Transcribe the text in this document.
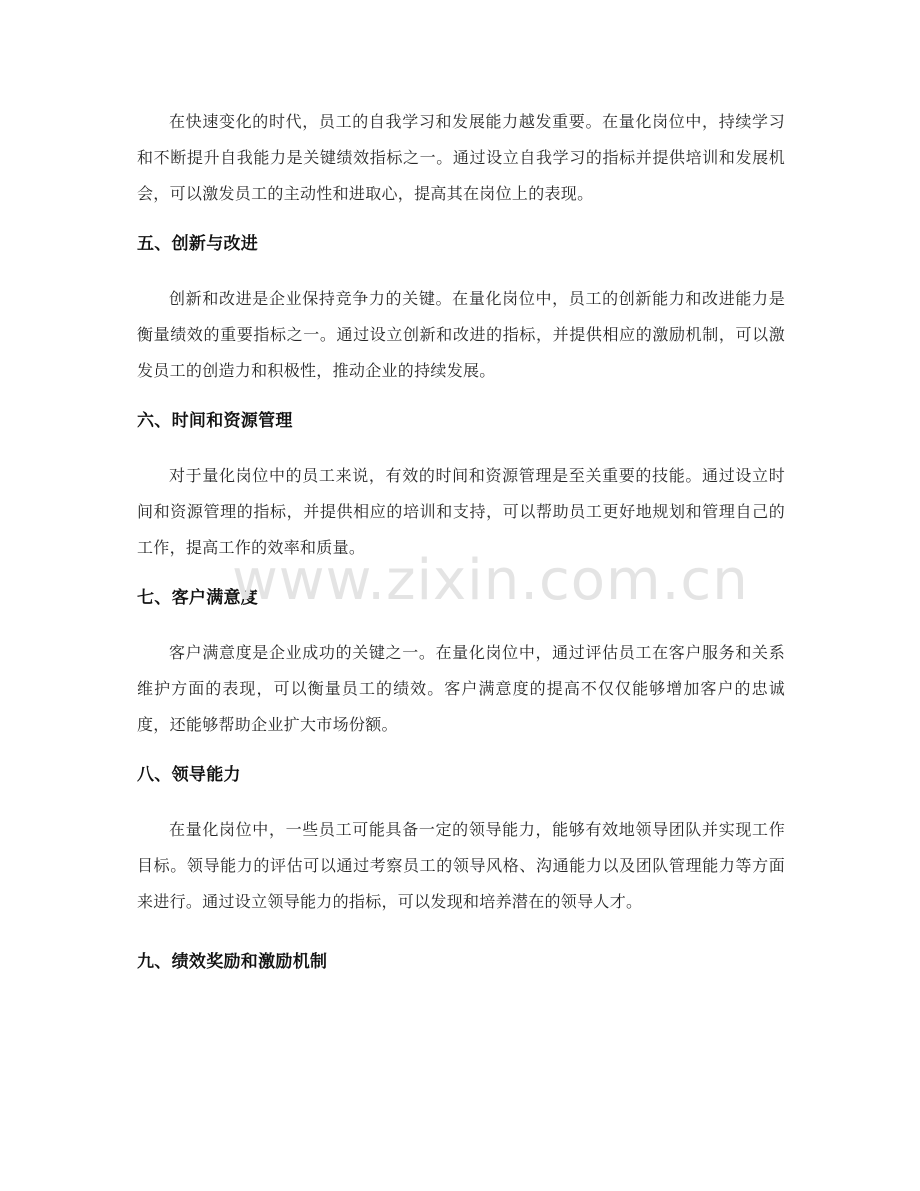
在快速变化的时代，员工的自我学习和发展能力越发重要。在量化岗位中，持续学习和不断提升自我能力是关键绩效指标之一。通过设立自我学习的指标并提供培训和发展机会，可以激发员工的主动性和进取心，提高其在岗位上的表现。

五、创新与改进

创新和改进是企业保持竞争力的关键。在量化岗位中，员工的创新能力和改进能力是衡量绩效的重要指标之一。通过设立创新和改进的指标，并提供相应的激励机制，可以激发员工的创造力和积极性，推动企业的持续发展。

六、时间和资源管理

对于量化岗位中的员工来说，有效的时间和资源管理是至关重要的技能。通过设立时间和资源管理的指标，并提供相应的培训和支持，可以帮助员工更好地规划和管理自己的工作，提高工作的效率和质量。

七、客户满意度

客户满意度是企业成功的关键之一。在量化岗位中，通过评估员工在客户服务和关系维护方面的表现，可以衡量员工的绩效。客户满意度的提高不仅仅能够增加客户的忠诚度，还能够帮助企业扩大市场份额。

八、领导能力

在量化岗位中，一些员工可能具备一定的领导能力，能够有效地领导团队并实现工作目标。领导能力的评估可以通过考察员工的领导风格、沟通能力以及团队管理能力等方面来进行。通过设立领导能力的指标，可以发现和培养潜在的领导人才。

九、绩效奖励和激励机制
www.zixin.com.cn
